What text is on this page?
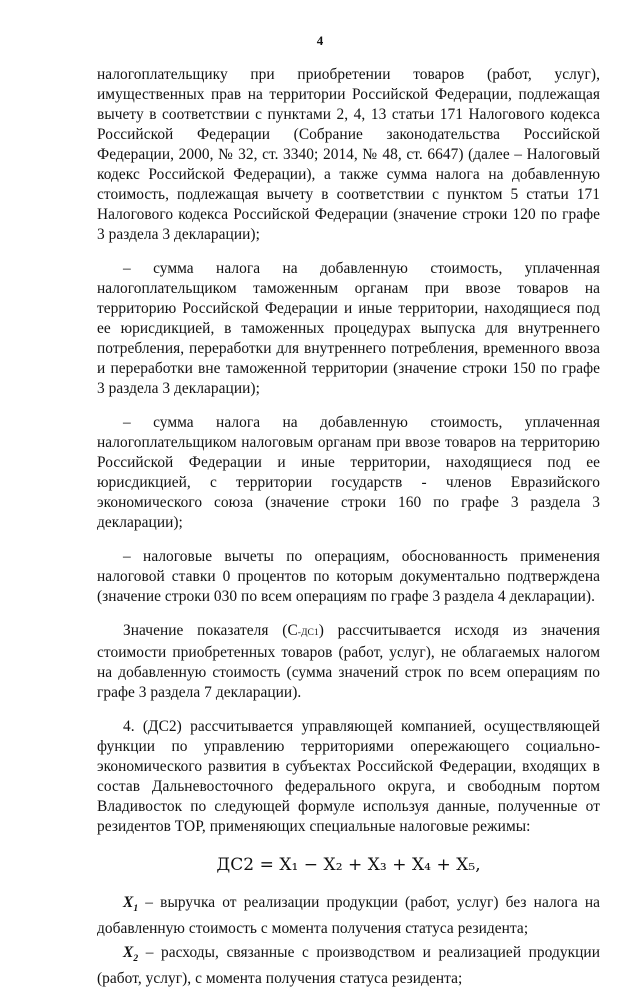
4

налогоплательщику при приобретении товаров (работ, услуг), имущественных прав на территории Российской Федерации, подлежащая вычету в соответствии с пунктами 2, 4, 13 статьи 171 Налогового кодекса Российской Федерации (Собрание законодательства Российской Федерации, 2000, № 32, ст. 3340; 2014, № 48, ст. 6647) (далее – Налоговый кодекс Российской Федерации), а также сумма налога на добавленную стоимость, подлежащая вычету в соответствии с пунктом 5 статьи 171 Налогового кодекса Российской Федерации (значение строки 120 по графе 3 раздела 3 декларации);

– сумма налога на добавленную стоимость, уплаченная налогоплательщиком таможенным органам при ввозе товаров на территорию Российской Федерации и иные территории, находящиеся под ее юрисдикцией, в таможенных процедурах выпуска для внутреннего потребления, переработки для внутреннего потребления, временного ввоза и переработки вне таможенной территории (значение строки 150 по графе 3 раздела 3 декларации);

– сумма налога на добавленную стоимость, уплаченная налогоплательщиком налоговым органам при ввозе товаров на территорию Российской Федерации и иные территории, находящиеся под ее юрисдикцией, с территории государств - членов Евразийского экономического союза (значение строки 160 по графе 3 раздела 3 декларации);

– налоговые вычеты по операциям, обоснованность применения налоговой ставки 0 процентов по которым документально подтверждена (значение строки 030 по всем операциям по графе 3 раздела 4 декларации).

Значение показателя (С-ДС1) рассчитывается исходя из значения стоимости приобретенных товаров (работ, услуг), не облагаемых налогом на добавленную стоимость (сумма значений строк по всем операциям по графе 3 раздела 7 декларации).

4. (ДС2) рассчитывается управляющей компанией, осуществляющей функции по управлению территориями опережающего социально-экономического развития в субъектах Российской Федерации, входящих в состав Дальневосточного федерального округа, и свободным портом Владивосток по следующей формуле используя данные, полученные от резидентов ТОР, применяющих специальные налоговые режимы:

ДС2 = X₁ − X₂ + X₃ + X₄ + X₅,

$X_1$ – выручка от реализации продукции (работ, услуг) без налога на добавленную стоимость с момента получения статуса резидента;

$X_2$ – расходы, связанные с производством и реализацией продукции (работ, услуг), с момента получения статуса резидента;
